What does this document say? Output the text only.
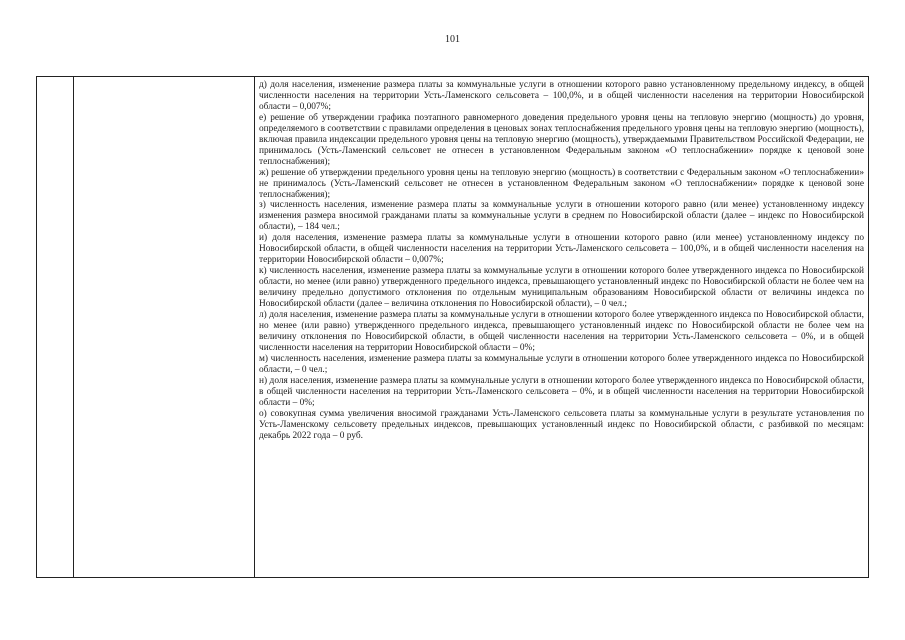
101

д) доля населения, изменение размера платы за коммунальные услуги в отношении которого равно установленному предельному индексу, в общей численности населения на территории Усть-Ламенского сельсовета – 100,0%, и в общей численности населения на территории Новосибирской области – 0,007%;

е) решение об утверждении графика поэтапного равномерного доведения предельного уровня цены на тепловую энергию (мощность) до уровня, определяемого в соответствии с правилами определения в ценовых зонах теплоснабжения предельного уровня цены на тепловую энергию (мощность), включая правила индексации предельного уровня цены на тепловую энергию (мощность), утверждаемыми Правительством Российской Федерации, не принималось (Усть-Ламенский сельсовет не отнесен в установленном Федеральным законом «О теплоснабжении» порядке к ценовой зоне теплоснабжения);

ж) решение об утверждении предельного уровня цены на тепловую энергию (мощность) в соответствии с Федеральным законом «О теплоснабжении» не принималось (Усть-Ламенский сельсовет не отнесен в установленном Федеральным законом «О теплоснабжении» порядке к ценовой зоне теплоснабжения);

з) численность населения, изменение размера платы за коммунальные услуги в отношении которого равно (или менее) установленному индексу изменения размера вносимой гражданами платы за коммунальные услуги в среднем по Новосибирской области (далее – индекс по Новосибирской области), – 184 чел.;

и) доля населения, изменение размера платы за коммунальные услуги в отношении которого равно (или менее) установленному индексу по Новосибирской области, в общей численности населения на территории Усть-Ламенского сельсовета – 100,0%, и в общей численности населения на территории Новосибирской области – 0,007%;

к) численность населения, изменение размера платы за коммунальные услуги в отношении которого более утвержденного индекса по Новосибирской области, но менее (или равно) утвержденного предельного индекса, превышающего установленный индекс по Новосибирской области не более чем на величину предельно допустимого отклонения по отдельным муниципальным образованиям Новосибирской области от величины индекса по Новосибирской области (далее – величина отклонения по Новосибирской области), – 0 чел.;

л) доля населения, изменение размера платы за коммунальные услуги в отношении которого более утвержденного индекса по Новосибирской области, но менее (или равно) утвержденного предельного индекса, превышающего установленный индекс по Новосибирской области не более чем на величину отклонения по Новосибирской области, в общей численности населения на территории Усть-Ламенского сельсовета – 0%, и в общей численности населения на территории Новосибирской области – 0%;

м) численность населения, изменение размера платы за коммунальные услуги в отношении которого более утвержденного индекса по Новосибирской области, – 0 чел.;

н) доля населения, изменение размера платы за коммунальные услуги в отношении которого более утвержденного индекса по Новосибирской области, в общей численности населения на территории Усть-Ламенского сельсовета – 0%, и в общей численности населения на территории Новосибирской области – 0%;

о) совокупная сумма увеличения вносимой гражданами Усть-Ламенского сельсовета платы за коммунальные услуги в результате установления по Усть-Ламенскому сельсовету предельных индексов, превышающих установленный индекс по Новосибирской области, с разбивкой по месяцам: декабрь 2022 года – 0 руб.
